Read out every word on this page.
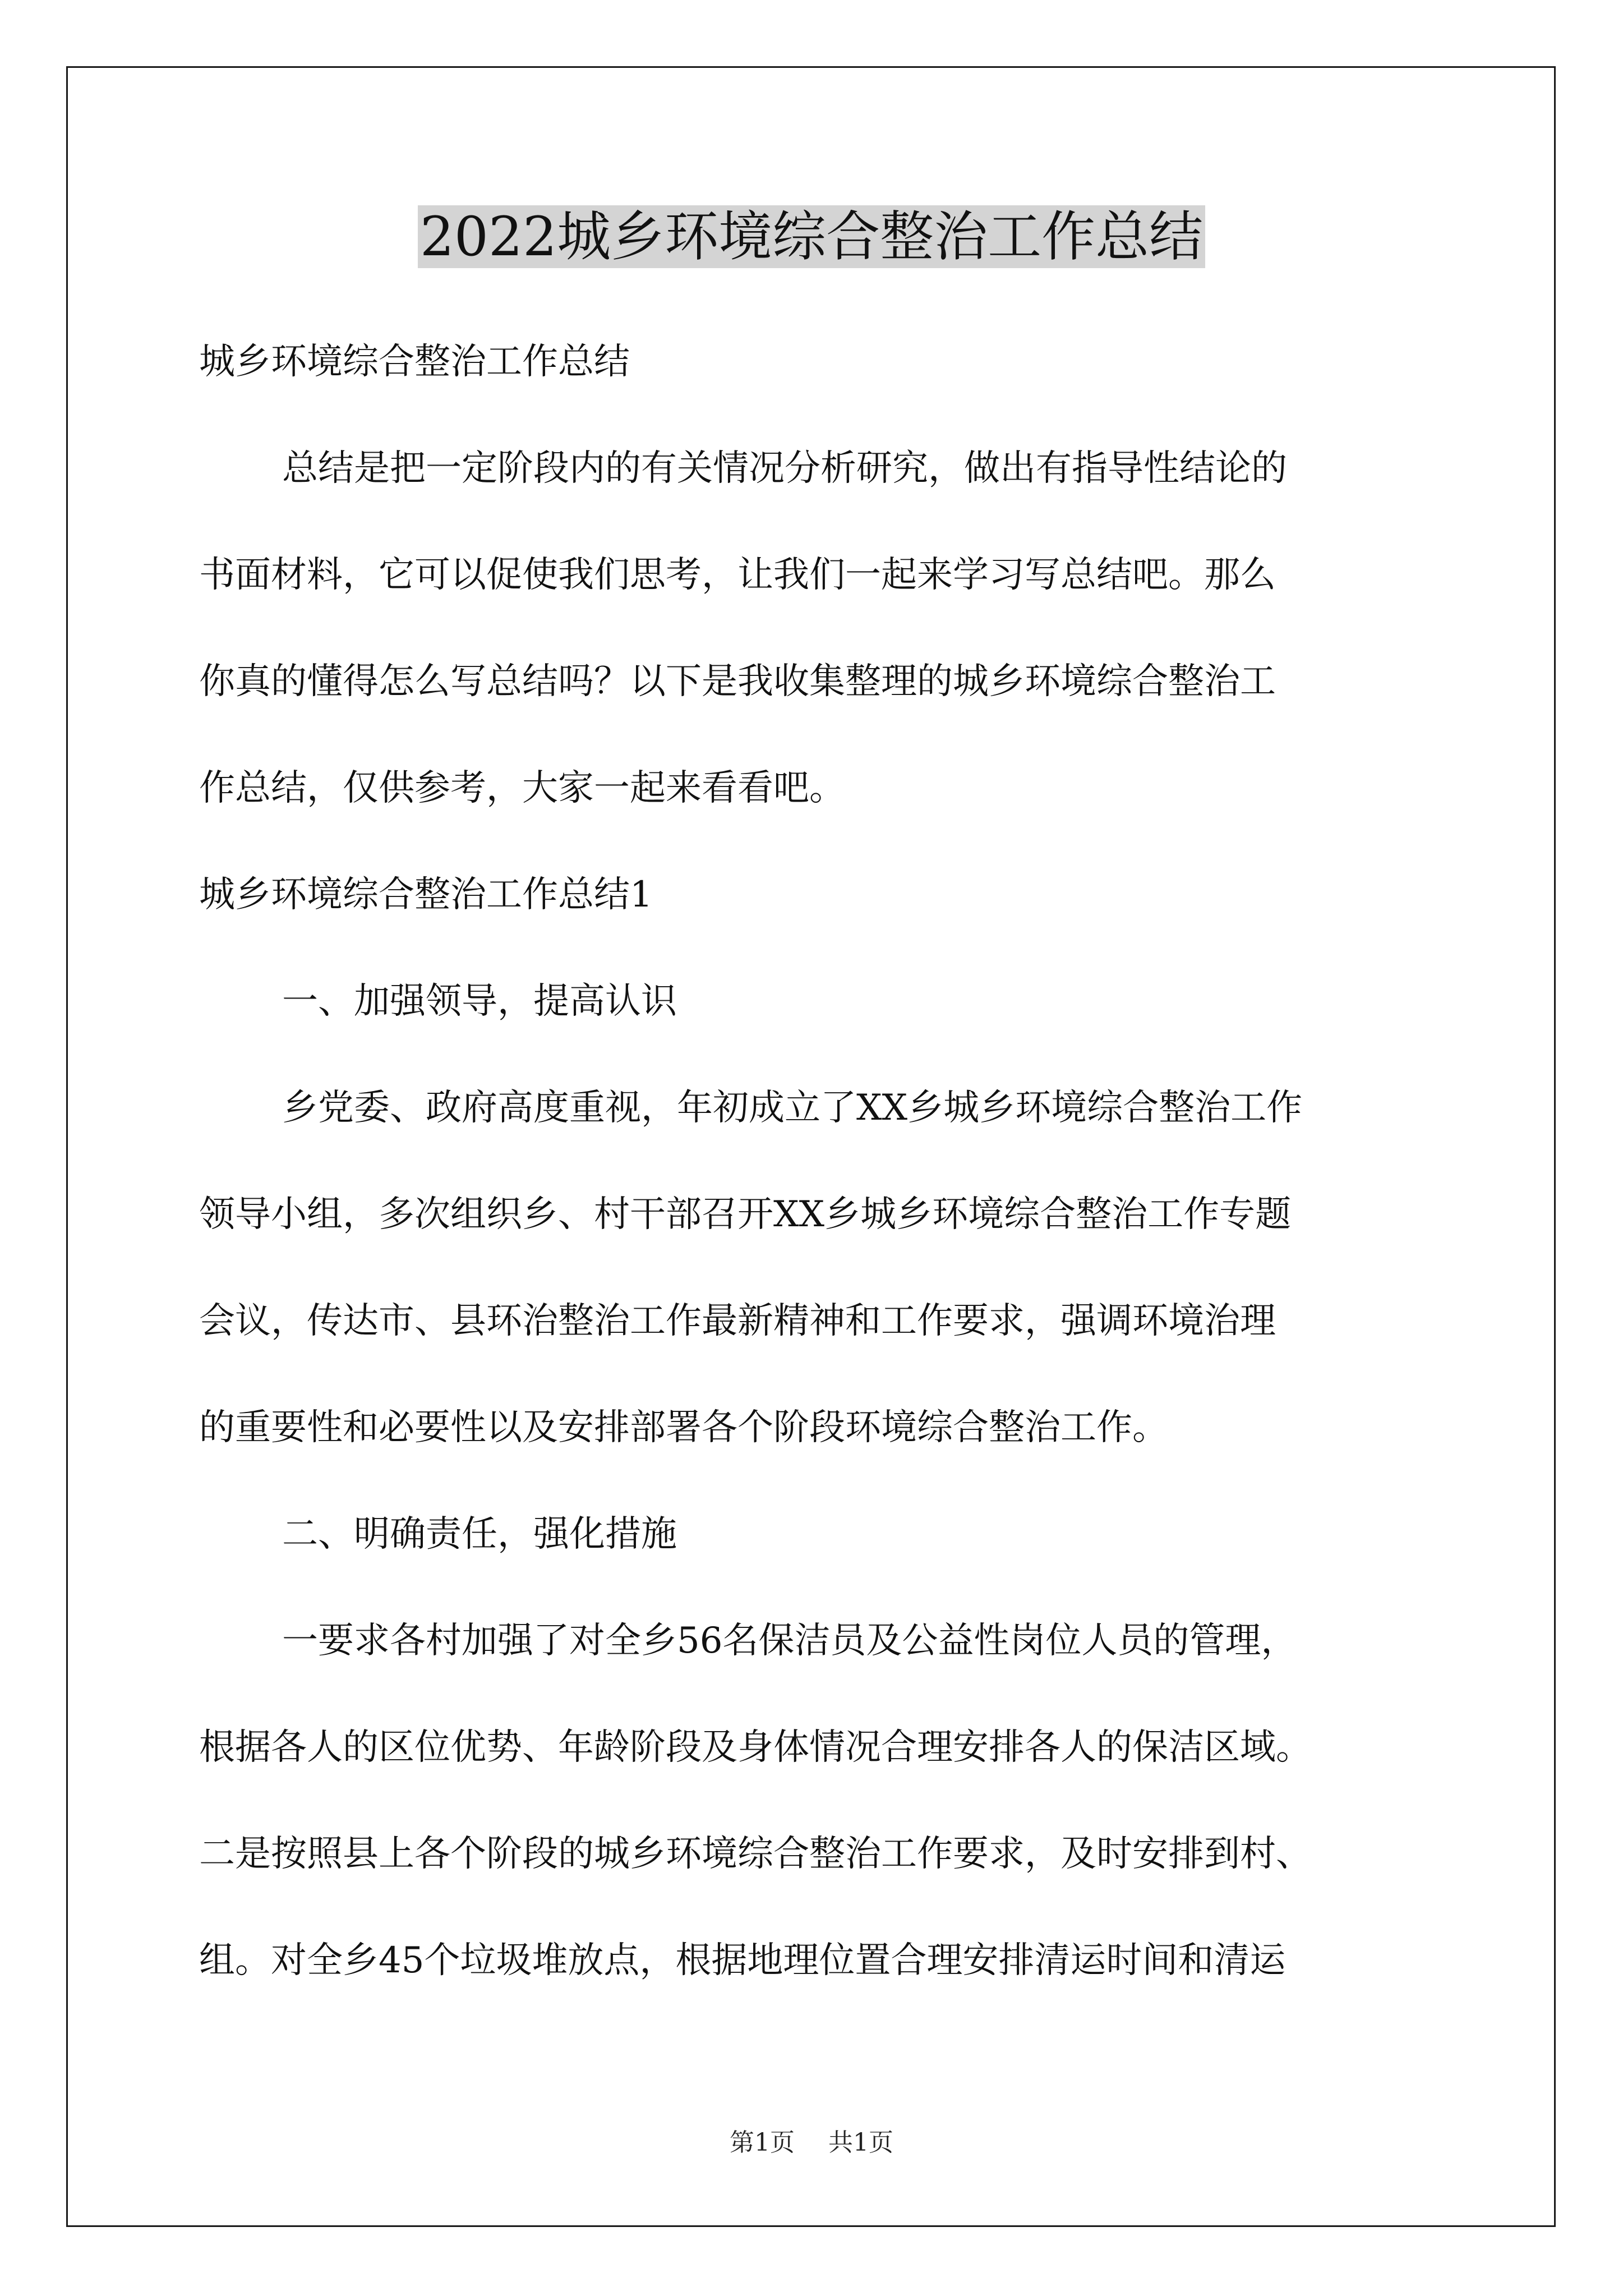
2022城乡环境综合整治工作总结

城乡环境综合整治工作总结

总结是把一定阶段内的有关情况分析研究，做出有指导性结论的

书面材料，它可以促使我们思考，让我们一起来学习写总结吧。那么

你真的懂得怎么写总结吗？以下是我收集整理的城乡环境综合整治工

作总结，仅供参考，大家一起来看看吧。

城乡环境综合整治工作总结1

一、加强领导，提高认识

乡党委、政府高度重视，年初成立了XX乡城乡环境综合整治工作

领导小组，多次组织乡、村干部召开XX乡城乡环境综合整治工作专题

会议，传达市、县环治整治工作最新精神和工作要求，强调环境治理

的重要性和必要性以及安排部署各个阶段环境综合整治工作。

二、明确责任，强化措施

一要求各村加强了对全乡56名保洁员及公益性岗位人员的管理，

根据各人的区位优势、年龄阶段及身体情况合理安排各人的保洁区域。

二是按照县上各个阶段的城乡环境综合整治工作要求，及时安排到村、

组。对全乡45个垃圾堆放点，根据地理位置合理安排清运时间和清运

第1页 共1页
